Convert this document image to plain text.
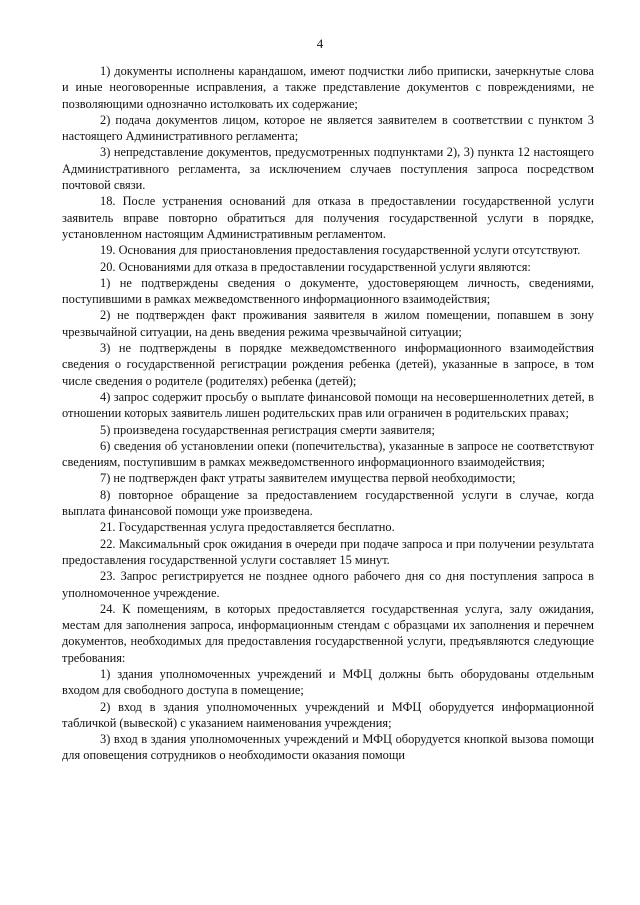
4

1) документы исполнены карандашом, имеют подчистки либо приписки, зачеркнутые слова и иные неоговоренные исправления, а также представление документов с повреждениями, не позволяющими однозначно истолковать их содержание;

2) подача документов лицом, которое не является заявителем в соответствии с пунктом 3 настоящего Административного регламента;

3) непредставление документов, предусмотренных подпунктами 2), 3) пункта 12 настоящего Административного регламента, за исключением случаев поступления запроса посредством почтовой связи.

18. После устранения оснований для отказа в предоставлении государственной услуги заявитель вправе повторно обратиться для получения государственной услуги в порядке, установленном настоящим Административным регламентом.

19. Основания для приостановления предоставления государственной услуги отсутствуют.

20. Основаниями для отказа в предоставлении государственной услуги являются:

1) не подтверждены сведения о документе, удостоверяющем личность, сведениями, поступившими в рамках межведомственного информационного взаимодействия;

2) не подтвержден факт проживания заявителя в жилом помещении, попавшем в зону чрезвычайной ситуации, на день введения режима чрезвычайной ситуации;

3) не подтверждены в порядке межведомственного информационного взаимодействия сведения о государственной регистрации рождения ребенка (детей), указанные в запросе, в том числе сведения о родителе (родителях) ребенка (детей);

4) запрос содержит просьбу о выплате финансовой помощи на несовершеннолетних детей, в отношении которых заявитель лишен родительских прав или ограничен в родительских правах;

5) произведена государственная регистрация смерти заявителя;

6) сведения об установлении опеки (попечительства), указанные в запросе не соответствуют сведениям, поступившим в рамках межведомственного информационного взаимодействия;

7) не подтвержден факт утраты заявителем имущества первой необходимости;

8) повторное обращение за предоставлением государственной услуги в случае, когда выплата финансовой помощи уже произведена.

21. Государственная услуга предоставляется бесплатно.

22. Максимальный срок ожидания в очереди при подаче запроса и при получении результата предоставления государственной услуги составляет 15 минут.

23. Запрос регистрируется не позднее одного рабочего дня со дня поступления запроса в уполномоченное учреждение.

24. К помещениям, в которых предоставляется государственная услуга, залу ожидания, местам для заполнения запроса, информационным стендам с образцами их заполнения и перечнем документов, необходимых для предоставления государственной услуги, предъявляются следующие требования:

1) здания уполномоченных учреждений и МФЦ должны быть оборудованы отдельным входом для свободного доступа в помещение;

2) вход в здания уполномоченных учреждений и МФЦ оборудуется информационной табличкой (вывеской) с указанием наименования учреждения;

3) вход в здания уполномоченных учреждений и МФЦ оборудуется кнопкой вызова помощи для оповещения сотрудников о необходимости оказания помощи
